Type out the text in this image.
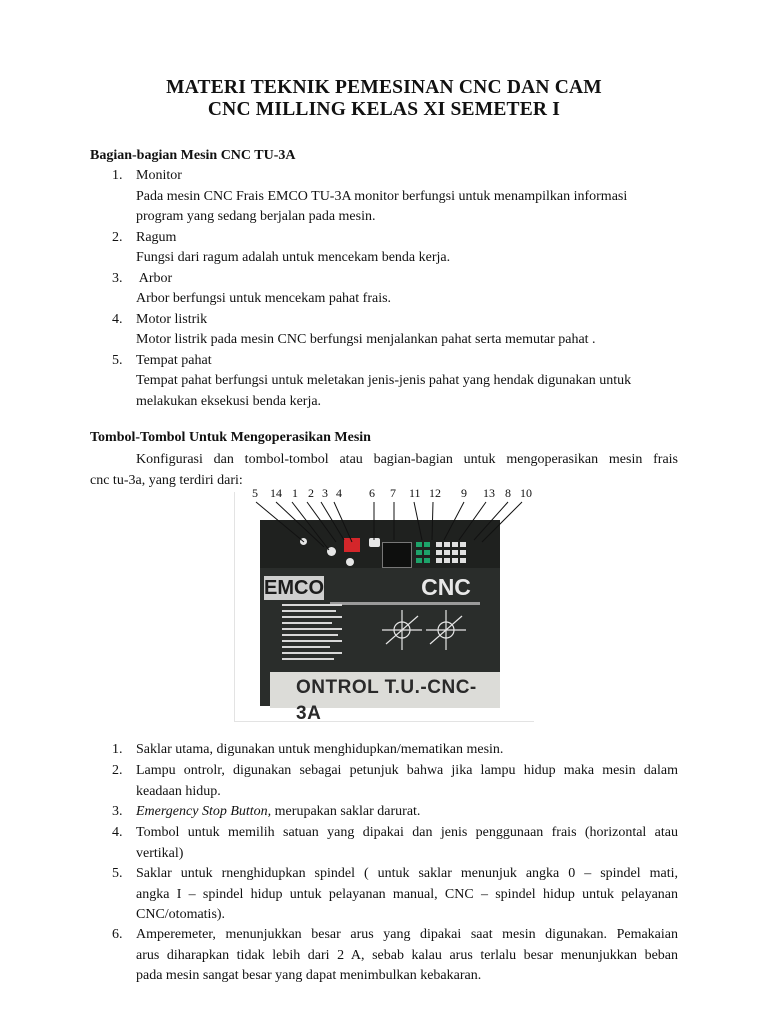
MATERI TEKNIK PEMESINAN CNC DAN CAM
CNC MILLING KELAS XI SEMETER I
Bagian-bagian Mesin CNC TU-3A
1. Monitor
Pada mesin CNC Frais EMCO TU-3A monitor berfungsi untuk menampilkan informasi
program yang sedang berjalan pada mesin.
2. Ragum
Fungsi dari ragum adalah untuk mencekam benda kerja.
3. Arbor
Arbor berfungsi untuk mencekam pahat frais.
4. Motor listrik
Motor listrik pada mesin CNC berfungsi menjalankan pahat serta memutar pahat .
5. Tempat pahat
Tempat pahat berfungsi untuk meletakan jenis-jenis pahat yang hendak digunakan untuk
melakukan eksekusi benda kerja.
Tombol-Tombol Untuk Mengoperasikan Mesin
Konfigurasi dan tombol-tombol atau bagian-bagian untuk mengoperasikan mesin frais
cnc tu-3a, yang terdiri dari:
5 14 1 2 3 4 6 7 11 12 9 13 8 10
EMCO	CNC
ONTROL T.U.-CNC-3A
1. Saklar utama, digunakan untuk menghidupkan/mematikan mesin.
2. Lampu ontrolr, digunakan sebagai petunjuk bahwa jika lampu hidup maka mesin dalam
keadaan hidup.
3. Emergency Stop Button, merupakan saklar darurat.
4. Tombol untuk memilih satuan yang dipakai dan jenis penggunaan frais (horizontal atau
vertikal)
5. Saklar untuk rnenghidupkan spindel ( untuk saklar menunjuk angka 0 – spindel mati,
angka I – spindel hidup untuk pelayanan manual, CNC – spindel hidup untuk pelayanan
CNC/otomatis).
6. Amperemeter, menunjukkan besar arus yang dipakai saat mesin digunakan. Pemakaian
arus diharapkan tidak lebih dari 2 A, sebab kalau arus terlalu besar menunjukkan beban
pada mesin sangat besar yang dapat menimbulkan kebakaran.
